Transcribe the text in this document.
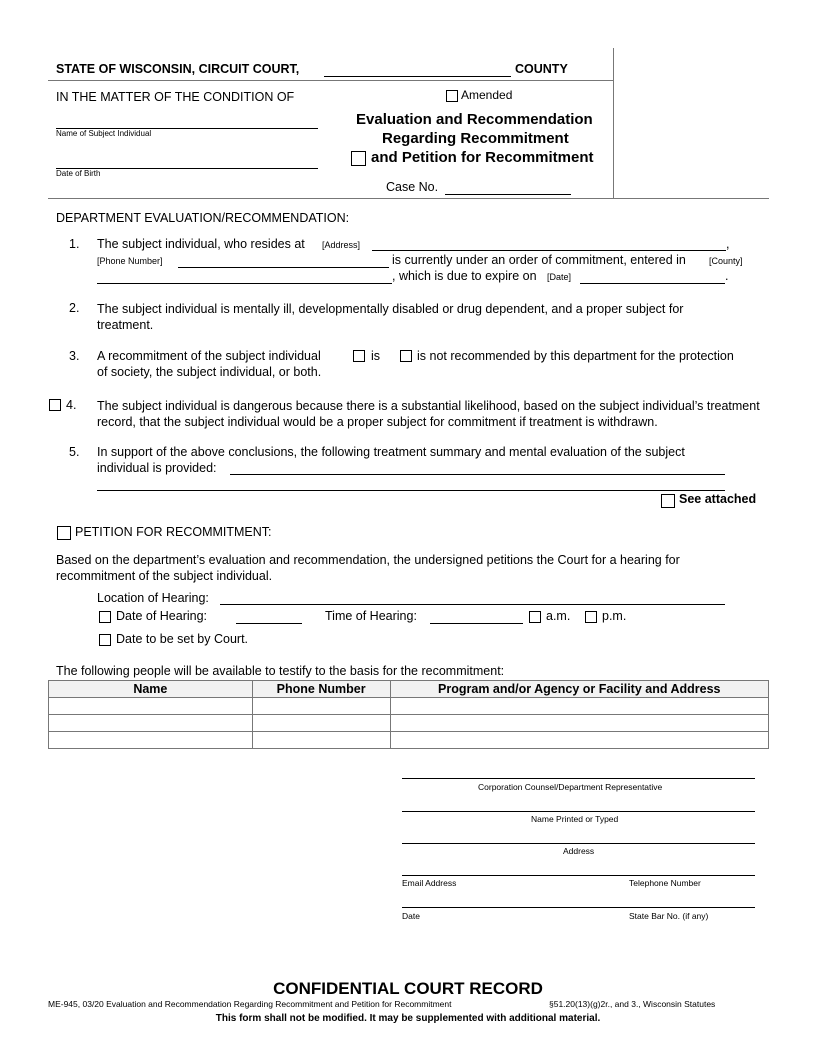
STATE OF WISCONSIN, CIRCUIT COURT,	COUNTY
IN THE MATTER OF THE CONDITION OF
Name of Subject Individual
Date of Birth
Amended
Evaluation and Recommendation
Regarding Recommitment
and Petition for Recommitment
Case No.
DEPARTMENT EVALUATION/RECOMMENDATION:
1. The subject individual, who resides at [Address]	,
[Phone Number]	is currently under an order of commitment, entered in	[County]
, which is due to expire on [Date]	.
2. The subject individual is mentally ill, developmentally disabled or drug dependent, and a proper subject for treatment.
3. A recommitment of the subject individual	is	is not recommended by this department for the protection
of society, the subject individual, or both.
4. The subject individual is dangerous because there is a substantial likelihood, based on the subject individual’s treatment record, that the subject individual would be a proper subject for commitment if treatment is withdrawn.
5. In support of the above conclusions, the following treatment summary and mental evaluation of the subject
individual is provided:
See attached
PETITION FOR RECOMMITMENT:
Based on the department’s evaluation and recommendation, the undersigned petitions the Court for a hearing for recommitment of the subject individual.
Location of Hearing:
Date of Hearing:	Time of Hearing:	a.m.	p.m.
Date to be set by Court.
The following people will be available to testify to the basis for the recommitment:
Name	Phone Number	Program and/or Agency or Facility and Address

Corporation Counsel/Department Representative
Name Printed or Typed
Address
Email Address	Telephone Number
Date	State Bar No. (if any)
CONFIDENTIAL COURT RECORD
ME-945, 03/20 Evaluation and Recommendation Regarding Recommitment and Petition for Recommitment	§51.20(13)(g)2r., and 3., Wisconsin Statutes
This form shall not be modified. It may be supplemented with additional material.
